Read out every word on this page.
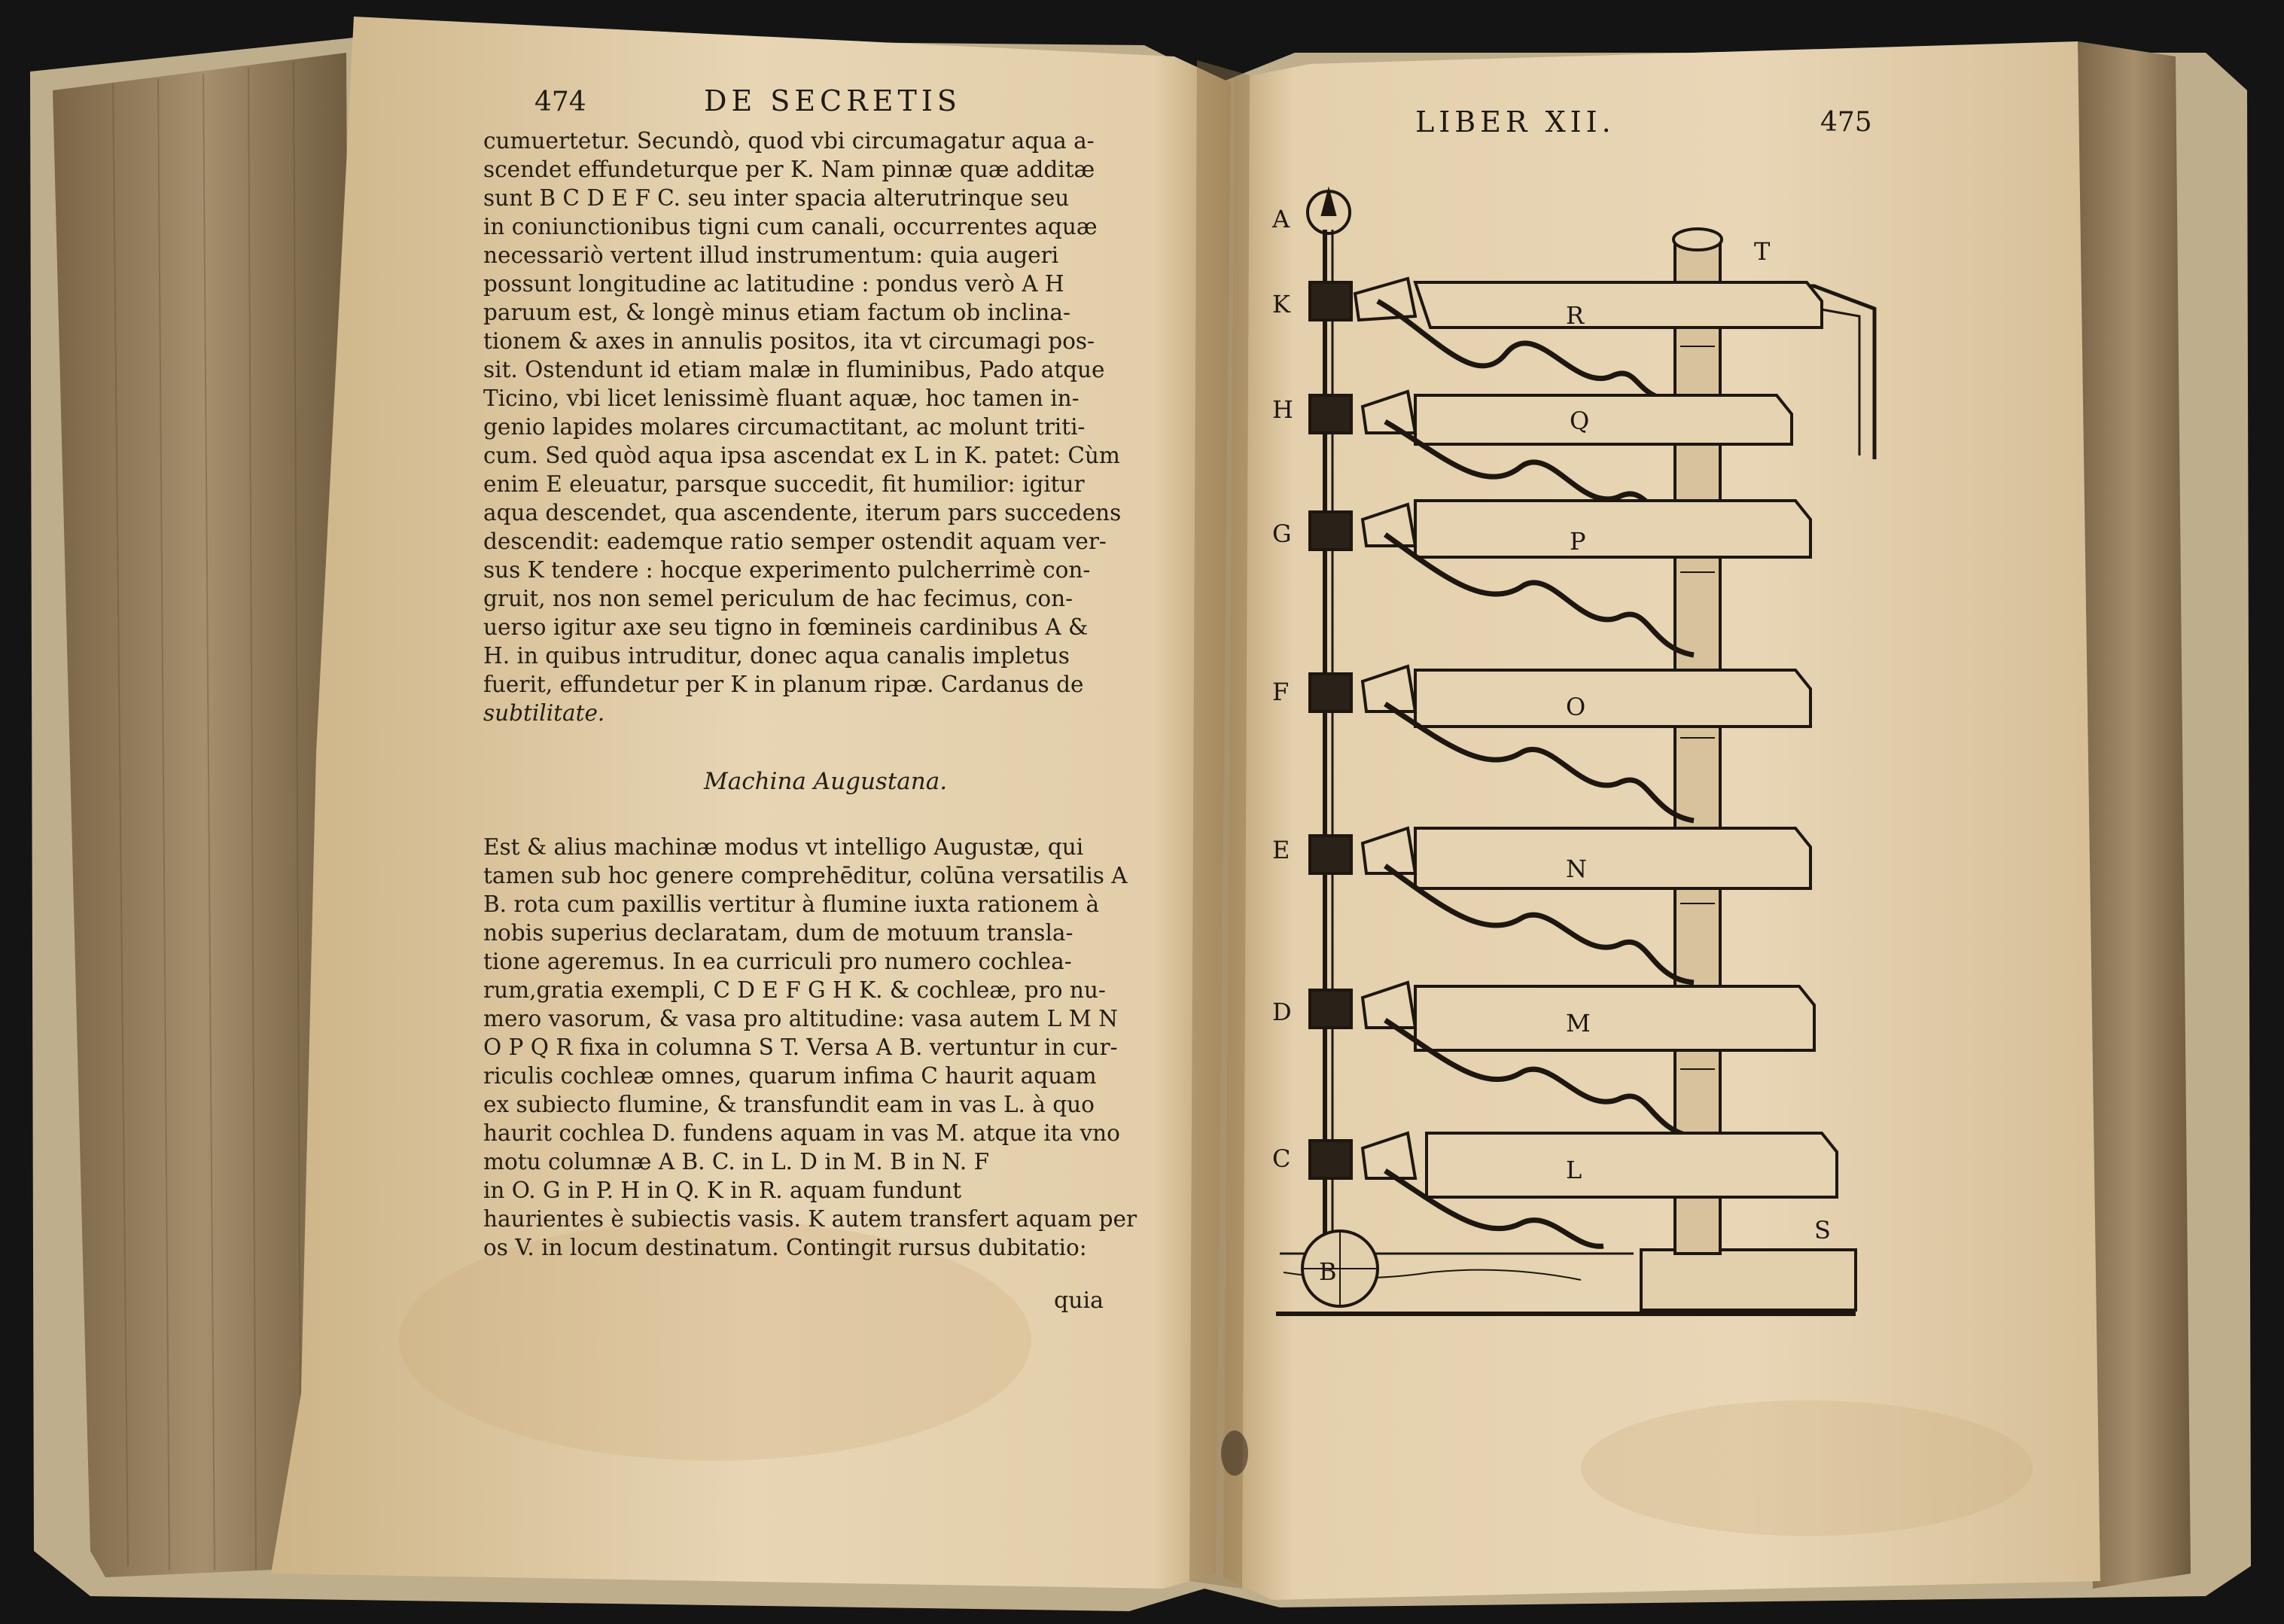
474	DE SECRETIS
cumuertetur. Secundò, quod vbi circumagatur aqua a-
scendet effundeturque per K. Nam pinnæ quæ additæ
sunt B C D E F C. seu inter spacia alterutrinque seu
in coniunctionibus tigni cum canali, occurrentes aquæ
necessariò vertent illud instrumentum: quia augeri
possunt longitudine ac latitudine : pondus verò A H
paruum est, & longè minus etiam factum ob inclina-
tionem & axes in annulis positos, ita vt circumagi pos-
sit. Ostendunt id etiam malæ in fluminibus, Pado atque
Ticino, vbi licet lenissimè fluant aquæ, hoc tamen in-
genio lapides molares circumactitant, ac molunt triti-
cum. Sed quòd aqua ipsa ascendat ex L in K. patet: Cùm
enim E eleuatur, parsque succedit, fit humilior: igitur
aqua descendet, qua ascendente, iterum pars succedens
descendit: eademque ratio semper ostendit aquam ver-
sus K tendere : hocque experimento pulcherrimè con-
gruit, nos non semel periculum de hac fecimus, con-
uerso igitur axe seu tigno in fœmineis cardinibus A &
H. in quibus intruditur, donec aqua canalis impletus
fuerit, effundetur per K in planum ripæ. Cardanus de
subtilitate.
Machina Augustana.
Est & alius machinæ modus vt intelligo Augustæ, qui
tamen sub hoc genere comprehēditur, colūna versatilis A
B. rota cum paxillis vertitur à flumine iuxta rationem à
nobis superius declaratam, dum de motuum transla-
tione ageremus. In ea curriculi pro numero cochlea-
rum,gratia exempli, C D E F G H K. & cochleæ, pro nu-
mero vasorum, & vasa pro altitudine: vasa autem L M N
O P Q R fixa in columna S T. Versa A B. vertuntur in cur-
riculis cochleæ omnes, quarum infima C haurit aquam
ex subiecto flumine, & transfundit eam in vas L. à quo
haurit cochlea D. fundens aquam in vas M. atque ita vno
motu columnæ A B. C. in L. D in M. B in N. F
in O. G in P. H in Q. K in R. aquam fundunt
haurientes è subiectis vasis. K autem transfert aquam per
os V. in locum destinatum. Contingit rursus dubitatio:
quia
LIBER XII.	475
A
K
H
G
F
E
D
C
R
Q
P
O
N
M
L
T
S
B
